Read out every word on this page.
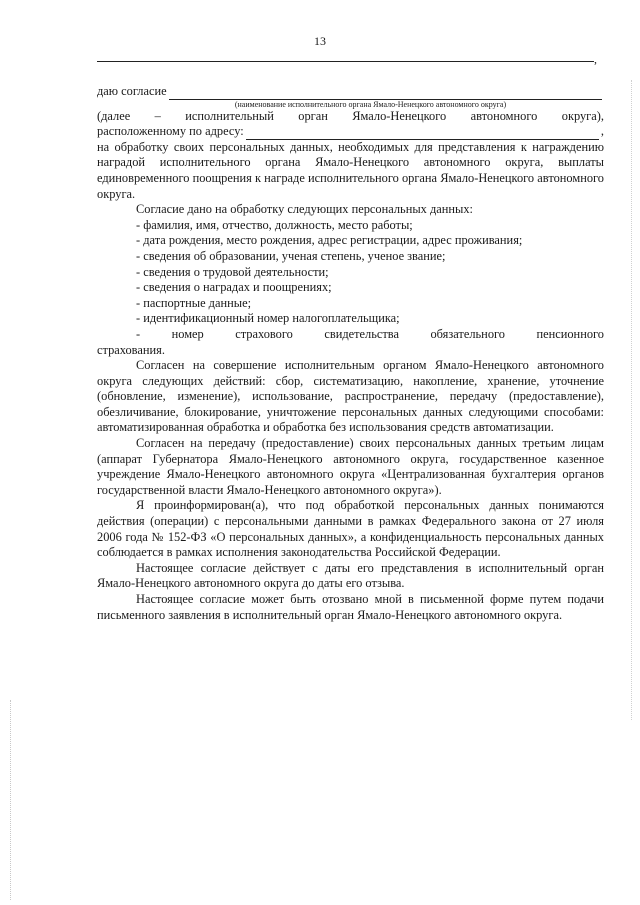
13
,
даю согласие
(наименование исполнительного органа Ямало-Ненецкого автономного округа)

(далее – исполнительный орган Ямало-Ненецкого автономного округа),

расположенному по адресу:	,

на обработку своих персональных данных, необходимых для представления к награждению наградой исполнительного органа Ямало-Ненецкого автономного округа, выплаты единовременного поощрения к награде исполнительного органа Ямало-Ненецкого автономного округа.

Согласие дано на обработку следующих персональных данных:

- фамилия, имя, отчество, должность, место работы;

- дата рождения, место рождения, адрес регистрации, адрес проживания;

- сведения об образовании, ученая степень, ученое звание;

- сведения о трудовой деятельности;

- сведения о наградах и поощрениях;

- паспортные данные;

- идентификационный номер налогоплательщика;

- номер страхового свидетельства обязательного пенсионного

страхования.

Согласен на совершение исполнительным органом Ямало-Ненецкого автономного округа следующих действий: сбор, систематизацию, накопление, хранение, уточнение (обновление, изменение), использование, распространение, передачу (предоставление), обезличивание, блокирование, уничтожение персональных данных следующими способами: автоматизированная обработка и обработка без использования средств автоматизации.

Согласен на передачу (предоставление) своих персональных данных третьим лицам (аппарат Губернатора Ямало-Ненецкого автономного округа, государственное казенное учреждение Ямало-Ненецкого автономного округа «Централизованная бухгалтерия органов государственной власти Ямало-Ненецкого автономного округа»).

Я проинформирован(а), что под обработкой персональных данных понимаются действия (операции) с персональными данными в рамках Федерального закона от 27 июля 2006 года № 152-ФЗ «О персональных данных», а конфиденциальность персональных данных соблюдается в рамках исполнения законодательства Российской Федерации.

Настоящее согласие действует с даты его представления в исполнительный орган Ямало-Ненецкого автономного округа до даты его отзыва.

Настоящее согласие может быть отозвано мной в письменной форме путем подачи письменного заявления в исполнительный орган Ямало-Ненецкого автономного округа.
